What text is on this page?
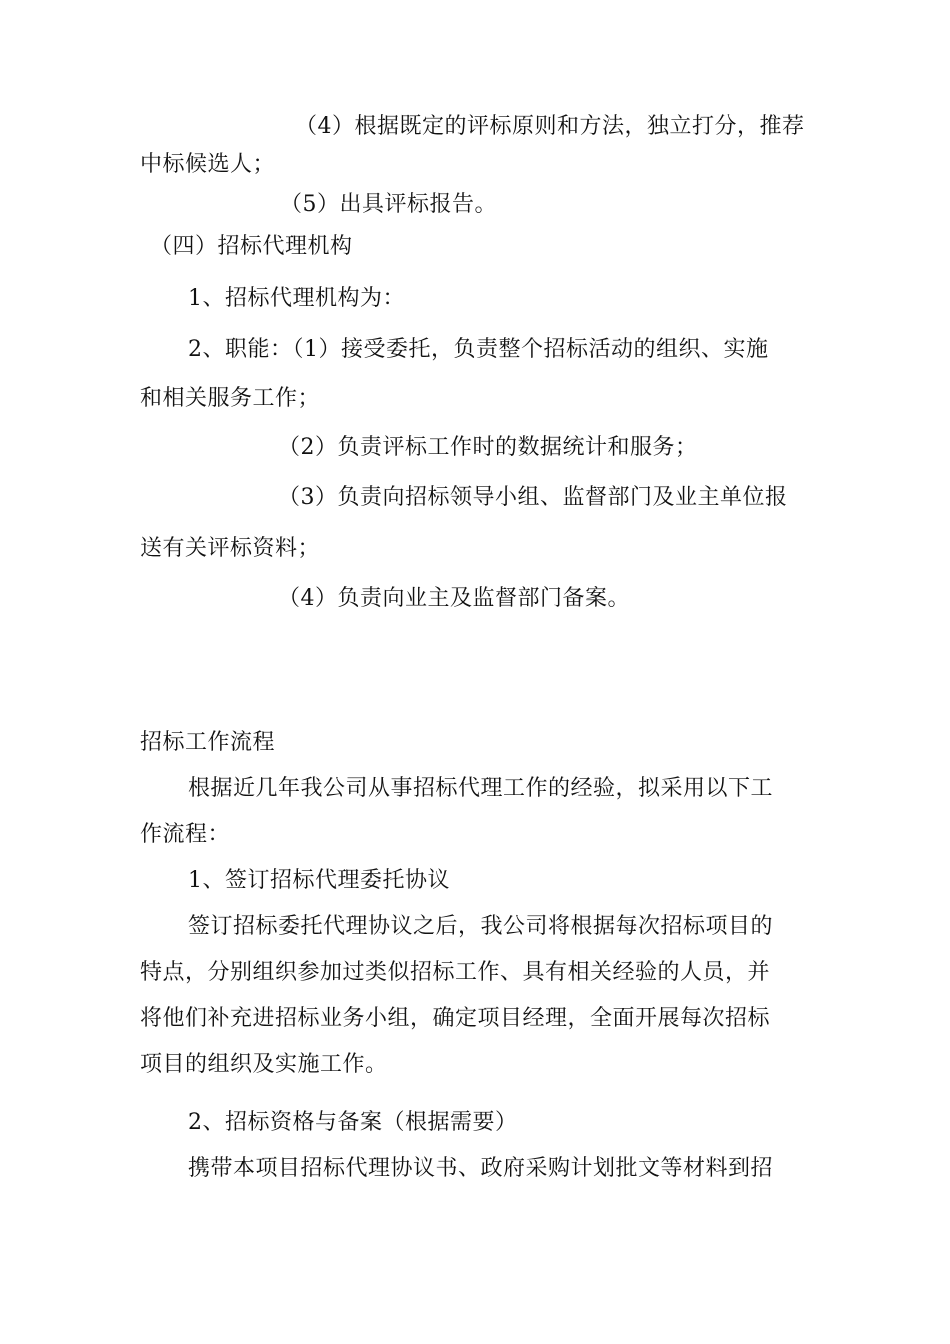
（4）根据既定的评标原则和方法，独立打分，推荐
中标候选人；
（5）出具评标报告。
（四）招标代理机构
1、招标代理机构为：
2、职能：（1）接受委托，负责整个招标活动的组织、实施
和相关服务工作；
（2）负责评标工作时的数据统计和服务；
（3）负责向招标领导小组、监督部门及业主单位报
送有关评标资料；
（4）负责向业主及监督部门备案。
招标工作流程
根据近几年我公司从事招标代理工作的经验，拟采用以下工
作流程：
1、签订招标代理委托协议
签订招标委托代理协议之后，我公司将根据每次招标项目的
特点，分别组织参加过类似招标工作、具有相关经验的人员，并
将他们补充进招标业务小组，确定项目经理，全面开展每次招标
项目的组织及实施工作。
2、招标资格与备案（根据需要）
携带本项目招标代理协议书、政府采购计划批文等材料到招
